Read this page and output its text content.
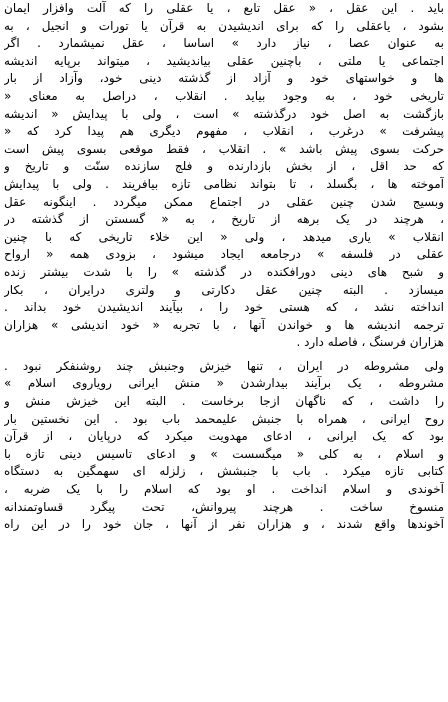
باید . این عقل ، « عقل تابع ، یا عقلی را که آلت وافزار ایمان
بشود ، یاعقلی را که برای اندیشیدن به قرآن یا تورات و انجیل ، به
به عنوان عصا ، نیاز دارد » اساسا ، عقل نمیشمارد . اگر
اجتماعی یا ملتی ، باچنین عقلی بیاندیشید ، میتواند برپایه اندیشه
ها و خواستهای خود و آزاد از گذشته دینی خود، وآزاد از بار
تاریخی خود ، به وجود بیاید . انقلاب ، دراصل به معنای «
بازگشت به اصل خود درگذشته » است ، ولی با پیدایش « اندیشه
پیشرفت » درغرب ، انقلاب ، مفهوم دیگری هم پیدا کرد که «
حرکت بسوی پیش باشد » . انقلاب ، فقط موقعی بسوی پیش است
که حد اقل ، از بخش بازدارنده و فلج سازنده سنّت و تاریخ و
آموخته ها ، بگسلد ، تا بتواند نظامی تازه بیافریند . ولی با پیدایش
وبسیج شدن چنین عقلی در اجتماع ممکن میگردد . اینگونه عقل
، هرچند در یک برهه از تاریخ ، به « گسستن از گذشته در
انقلاب » یاری میدهد ، ولی « این خلاء تاریخی که با چنین
عقلی در فلسفه » درجامعه ایجاد میشود ، بزودی همه « ارواح
و شبح های دینی دورافکنده در گذشته » را با شدت بیشتر زنده
میسازد . البته چنین عقل دکارتی و ولتری درایران ، بکار
انداخته نشد ، که هستی خود را ، بیآیند اندیشیدن خود بداند .
ترجمه اندیشه ها و خواندن آنها ، با تجربه « خود اندیشی » هزاران
هزاران فرسنگ ، فاصله دارد .
ولی مشروطه در ایران ، تنها خیزش وجنبش چند روشنفکر نبود .
مشروطه ، یک برآیند بیدارشدن « منش ایرانی رویاروی اسلام »
را داشت ، که ناگهان ازجا برخاست . البته این خیزش منش و
روح ایرانی ، همراه با جنبش علیمحمد باب بود . این نخستین بار
بود که یک ایرانی ، ادعای مهدویت میکرد که درپایان ، از قرآن
و اسلام ، به کلی « میگسست » و ادعای تاسیس دینی تازه با
کتابی تازه میکرد . باب با جنبشش ، زلزله ای سهمگین به دستگاه
آخوندی و اسلام انداخت . او بود که اسلام را با یک ضربه ،
منسوخ ساخت . هرچند پیروانش، تحت پیگرد قساوتمندانه
آخوندها واقع شدند ، و هزاران نفر از آنها ، جان خود را در این راه
